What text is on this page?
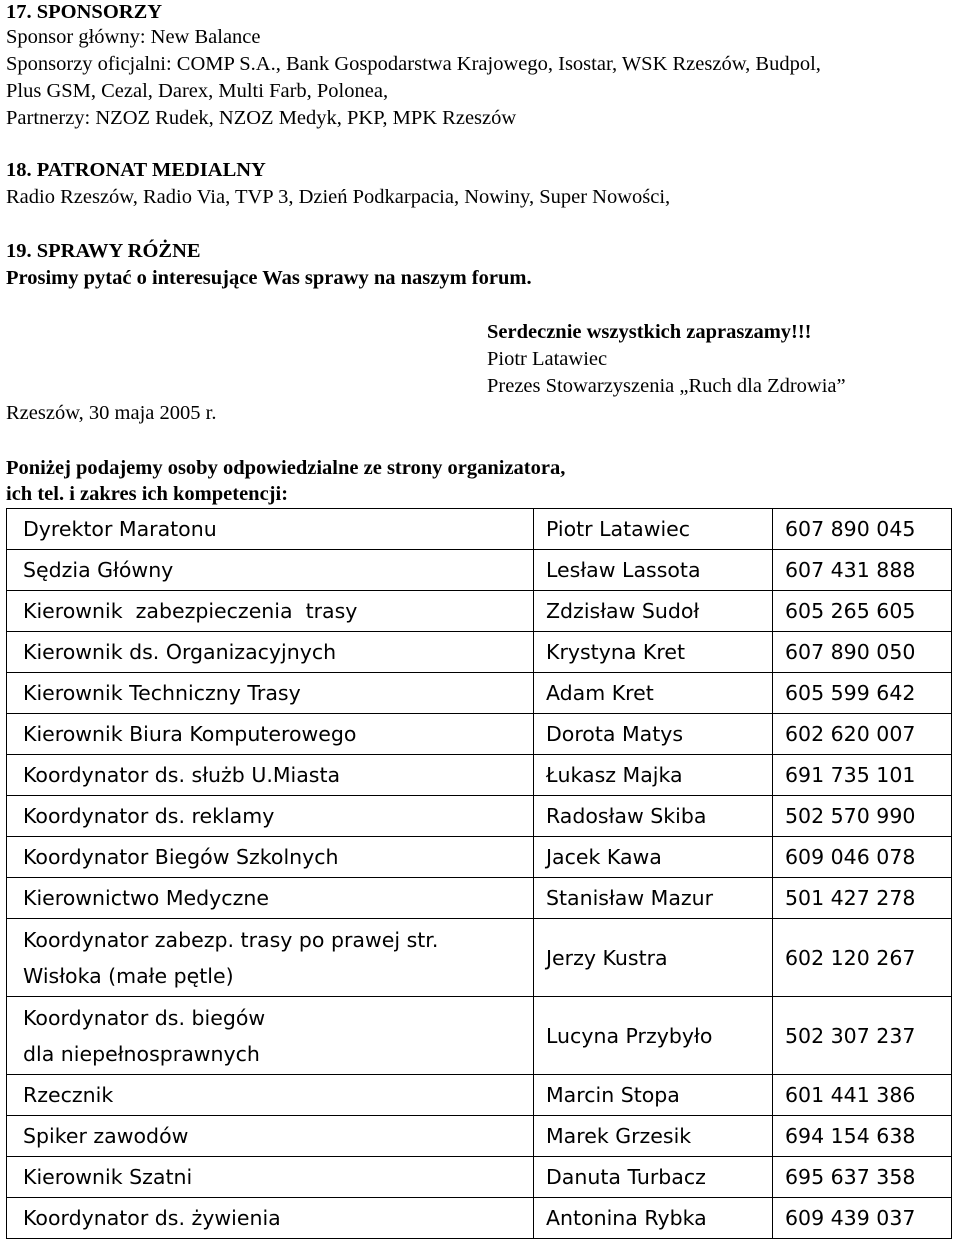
17. SPONSORZY
Sponsor główny: New Balance
Sponsorzy oficjalni: COMP S.A., Bank Gospodarstwa Krajowego, Isostar, WSK Rzeszów, Budpol,
Plus GSM, Cezal, Darex, Multi Farb, Polonea,
Partnerzy: NZOZ Rudek, NZOZ Medyk, PKP, MPK Rzeszów
18. PATRONAT MEDIALNY
Radio Rzeszów, Radio Via, TVP 3, Dzień Podkarpacia, Nowiny, Super Nowości,
19. SPRAWY RÓŻNE
Prosimy pytać o interesujące Was sprawy na naszym forum.
Serdecznie wszystkich zapraszamy!!!
Piotr Latawiec
Prezes Stowarzyszenia „Ruch dla Zdrowia”
Rzeszów, 30 maja 2005 r.
Poniżej podajemy osoby odpowiedzialne ze strony organizatora,
ich tel. i zakres ich kompetencji:
Dyrektor Maratonu	Piotr Latawiec	607 890 045
Sędzia Główny	Lesław Lassota	607 431 888
Kierownik  zabezpieczenia  trasy	Zdzisław Sudoł	605 265 605
Kierownik ds. Organizacyjnych	Krystyna Kret	607 890 050
Kierownik Techniczny Trasy	Adam Kret	605 599 642
Kierownik Biura Komputerowego	Dorota Matys	602 620 007
Koordynator ds. służb U.Miasta	Łukasz Majka	691 735 101
Koordynator ds. reklamy	Radosław Skiba	502 570 990
Koordynator Biegów Szkolnych	Jacek Kawa	609 046 078
Kierownictwo Medyczne	Stanisław Mazur	501 427 278

Koordynator zabezp. trasy po prawej str.
Wisłoka (małe pętle)	Jerzy Kustra	602 120 267

Koordynator ds. biegów
dla niepełnosprawnych	Lucyna Przybyło	502 307 237
Rzecznik	Marcin Stopa	601 441 386
Spiker zawodów	Marek Grzesik	694 154 638
Kierownik Szatni	Danuta Turbacz	695 637 358
Koordynator ds. żywienia	Antonina Rybka	609 439 037
